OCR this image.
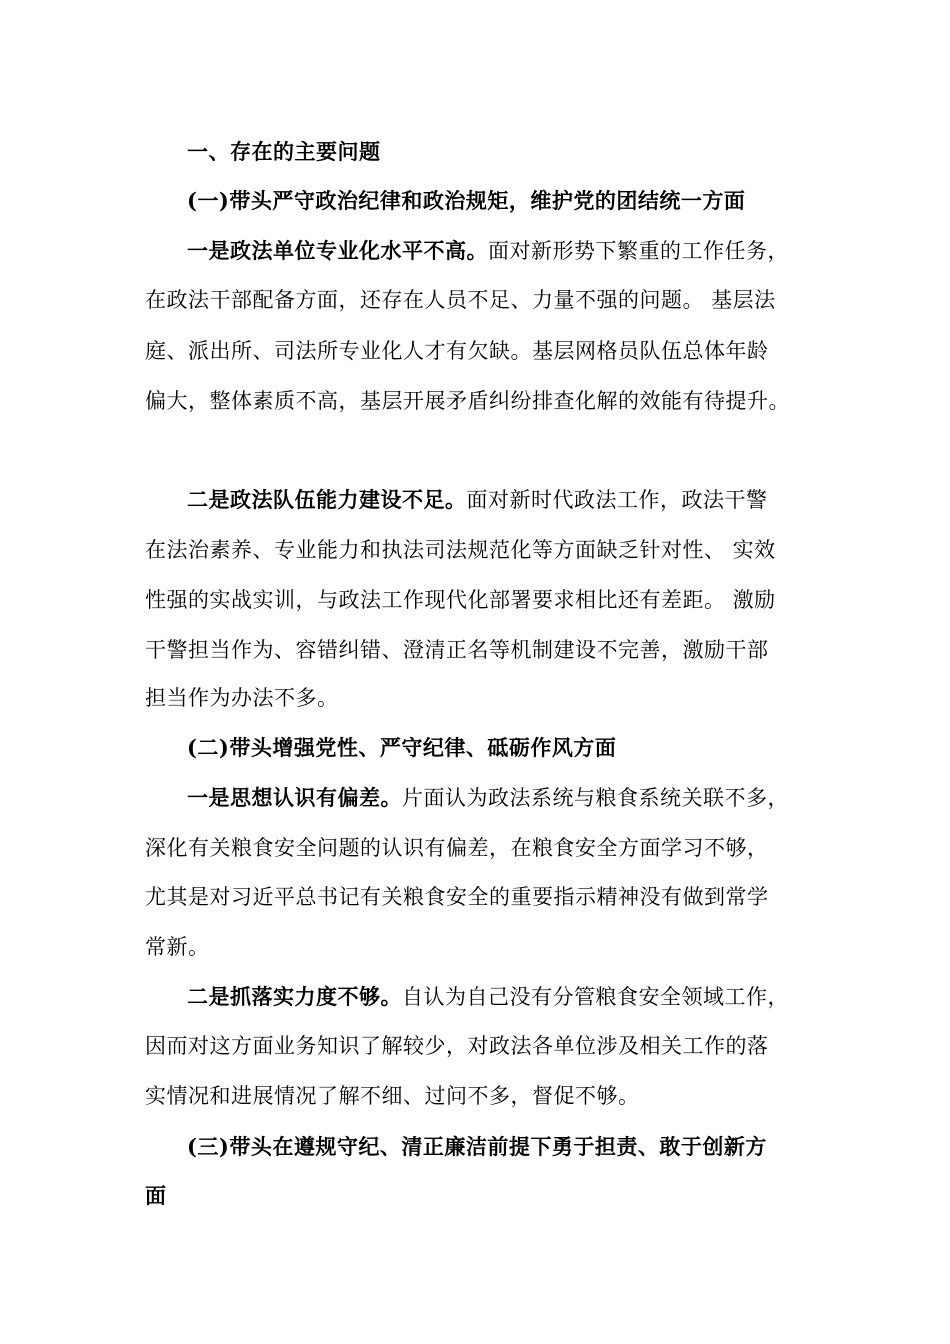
一、存在的主要问题
(一)带头严守政治纪律和政治规矩，维护党的团结统一方面
一是政法单位专业化水平不高。面对新形势下繁重的工作任务，
在政法干部配备方面，还存在人员不足、力量不强的问题。 基层法
庭、派出所、司法所专业化人才有欠缺。基层网格员队伍总体年龄
偏大，整体素质不高，基层开展矛盾纠纷排查化解的效能有待提升。
二是政法队伍能力建设不足。面对新时代政法工作，政法干警
在法治素养、专业能力和执法司法规范化等方面缺乏针对性、 实效
性强的实战实训，与政法工作现代化部署要求相比还有差距。 激励
干警担当作为、容错纠错、澄清正名等机制建设不完善，激励干部
担当作为办法不多。
(二)带头增强党性、严守纪律、砥砺作风方面
一是思想认识有偏差。片面认为政法系统与粮食系统关联不多，
深化有关粮食安全问题的认识有偏差，在粮食安全方面学习不够，
尤其是对习近平总书记有关粮食安全的重要指示精神没有做到常学
常新。
二是抓落实力度不够。自认为自己没有分管粮食安全领域工作，
因而对这方面业务知识了解较少，对政法各单位涉及相关工作的落
实情况和进展情况了解不细、过问不多，督促不够。
(三)带头在遵规守纪、清正廉洁前提下勇于担责、敢于创新方
面
